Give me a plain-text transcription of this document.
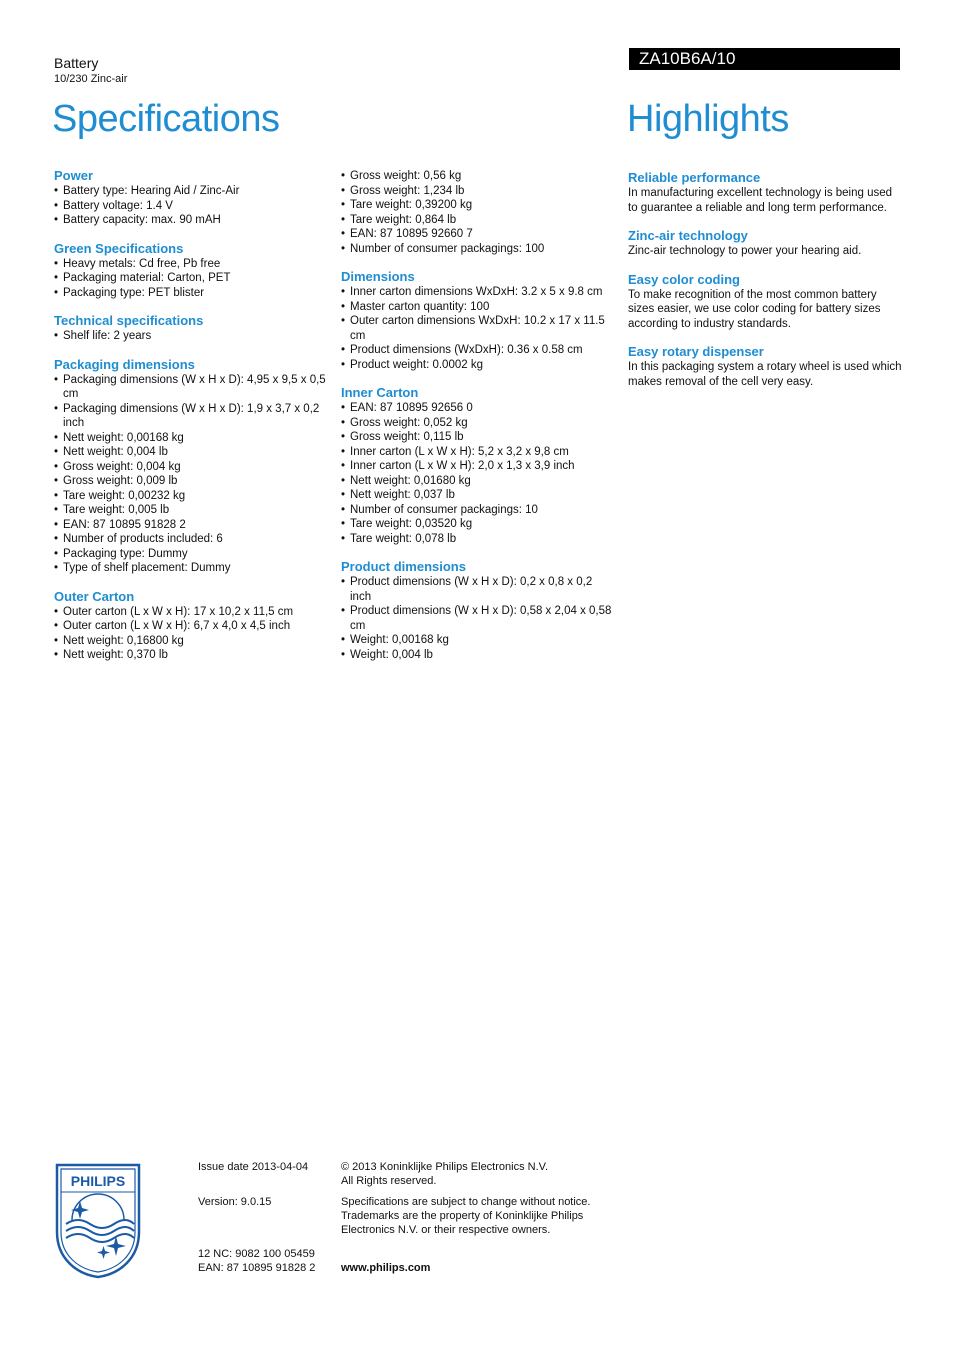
Battery
10/230 Zinc-air
Specifications
ZA10B6A/10
Highlights
Power
• Battery type: Hearing Aid / Zinc-Air
• Battery voltage: 1.4 V
• Battery capacity: max. 90 mAH
Green Specifications
• Heavy metals: Cd free, Pb free
• Packaging material: Carton, PET
• Packaging type: PET blister
Technical specifications
• Shelf life: 2 years
Packaging dimensions
• Packaging dimensions (W x H x D): 4,95 x 9,5 x 0,5 cm
• Packaging dimensions (W x H x D): 1,9 x 3,7 x 0,2 inch
• Nett weight: 0,00168 kg
• Nett weight: 0,004 lb
• Gross weight: 0,004 kg
• Gross weight: 0,009 lb
• Tare weight: 0,00232 kg
• Tare weight: 0,005 lb
• EAN: 87 10895 91828 2
• Number of products included: 6
• Packaging type: Dummy
• Type of shelf placement: Dummy
Outer Carton
• Outer carton (L x W x H): 17 x 10,2 x 11,5 cm
• Outer carton (L x W x H): 6,7 x 4,0 x 4,5 inch
• Nett weight: 0,16800 kg
• Nett weight: 0,370 lb
• Gross weight: 0,56 kg
• Gross weight: 1,234 lb
• Tare weight: 0,39200 kg
• Tare weight: 0,864 lb
• EAN: 87 10895 92660 7
• Number of consumer packagings: 100
Dimensions
• Inner carton dimensions WxDxH: 3.2 x 5 x 9.8 cm
• Master carton quantity: 100
• Outer carton dimensions WxDxH: 10.2 x 17 x 11.5 cm
• Product dimensions (WxDxH): 0.36 x 0.58 cm
• Product weight: 0.0002 kg
Inner Carton
• EAN: 87 10895 92656 0
• Gross weight: 0,052 kg
• Gross weight: 0,115 lb
• Inner carton (L x W x H): 5,2 x 3,2 x 9,8 cm
• Inner carton (L x W x H): 2,0 x 1,3 x 3,9 inch
• Nett weight: 0,01680 kg
• Nett weight: 0,037 lb
• Number of consumer packagings: 10
• Tare weight: 0,03520 kg
• Tare weight: 0,078 lb
Product dimensions
• Product dimensions (W x H x D): 0,2 x 0,8 x 0,2 inch
• Product dimensions (W x H x D): 0,58 x 2,04 x 0,58 cm
• Weight: 0,00168 kg
• Weight: 0,004 lb
Reliable performance
In manufacturing excellent technology is being used to guarantee a reliable and long term performance.
Zinc-air technology
Zinc-air technology to power your hearing aid.
Easy color coding
To make recognition of the most common battery sizes easier, we use color coding for battery sizes according to industry standards.
Easy rotary dispenser
In this packaging system a rotary wheel is used which makes removal of the cell very easy.
PHILIPS
Issue date 2013-04-04
Version: 9.0.15
12 NC: 9082 100 05459
EAN: 87 10895 91828 2
© 2013 Koninklijke Philips Electronics N.V.
All Rights reserved.
Specifications are subject to change without notice. Trademarks are the property of Koninklijke Philips Electronics N.V. or their respective owners.
www.philips.com
